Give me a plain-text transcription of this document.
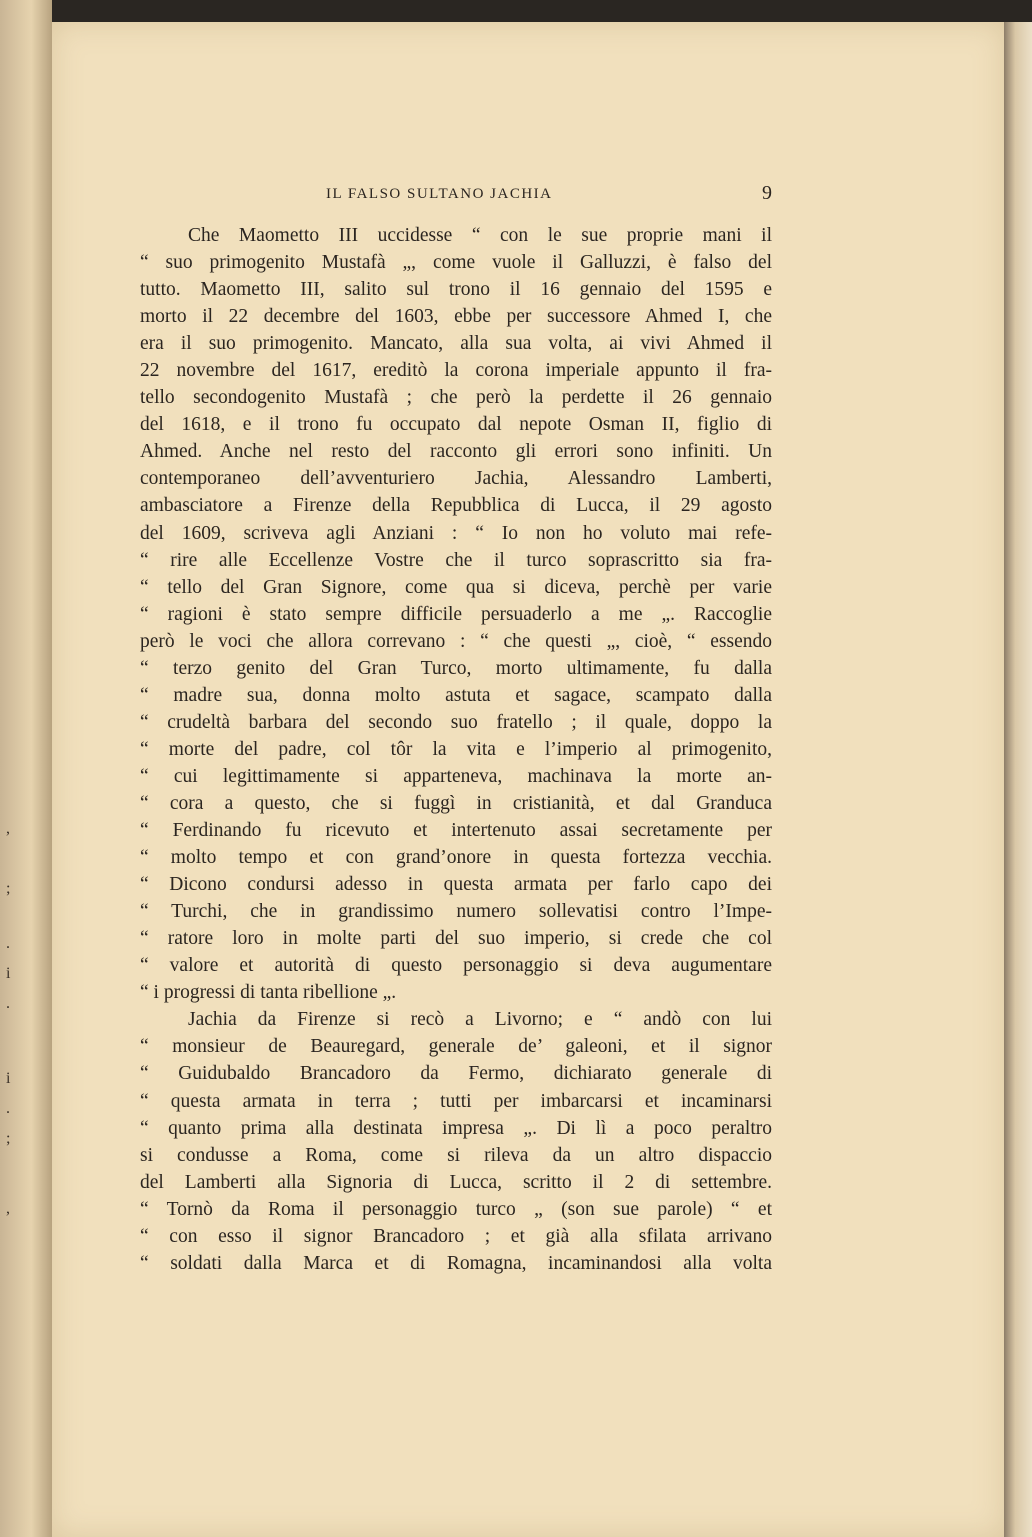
,
;
.
i
.
i
.
;
,
IL FALSO SULTANO JACHIA	9
Che Maometto III uccidesse “ con le sue proprie mani il
“ suo primogenito Mustafà „, come vuole il Galluzzi, è falso del
tutto. Maometto III, salito sul trono il 16 gennaio del 1595 e
morto il 22 decembre del 1603, ebbe per successore Ahmed I, che
era il suo primogenito. Mancato, alla sua volta, ai vivi Ahmed il
22 novembre del 1617, ereditò la corona imperiale appunto il fra-
tello secondogenito Mustafà ; che però la perdette il 26 gennaio
del 1618, e il trono fu occupato dal nepote Osman II, figlio di
Ahmed. Anche nel resto del racconto gli errori sono infiniti. Un
contemporaneo dell’avventuriero Jachia, Alessandro Lamberti,
ambasciatore a Firenze della Repubblica di Lucca, il 29 agosto
del 1609, scriveva agli Anziani : “ Io non ho voluto mai refe-
“ rire alle Eccellenze Vostre che il turco soprascritto sia fra-
“ tello del Gran Signore, come qua si diceva, perchè per varie
“ ragioni è stato sempre difficile persuaderlo a me „. Raccoglie
però le voci che allora correvano : “ che questi „, cioè, “ essendo
“ terzo genito del Gran Turco, morto ultimamente, fu dalla
“ madre sua, donna molto astuta et sagace, scampato dalla
“ crudeltà barbara del secondo suo fratello ; il quale, doppo la
“ morte del padre, col tôr la vita e l’imperio al primogenito,
“ cui legittimamente si apparteneva, machinava la morte an-
“ cora a questo, che si fuggì in cristianità, et dal Granduca
“ Ferdinando fu ricevuto et intertenuto assai secretamente per
“ molto tempo et con grand’onore in questa fortezza vecchia.
“ Dicono condursi adesso in questa armata per farlo capo dei
“ Turchi, che in grandissimo numero sollevatisi contro l’Impe-
“ ratore loro in molte parti del suo imperio, si crede che col
“ valore et autorità di questo personaggio si deva augumentare
“ i progressi di tanta ribellione „.
Jachia da Firenze si recò a Livorno; e “ andò con lui
“ monsieur de Beauregard, generale de’ galeoni, et il signor
“ Guidubaldo Brancadoro da Fermo, dichiarato generale di
“ questa armata in terra ; tutti per imbarcarsi et incaminarsi
“ quanto prima alla destinata impresa „. Di lì a poco peraltro
si condusse a Roma, come si rileva da un altro dispaccio
del Lamberti alla Signoria di Lucca, scritto il 2 di settembre.
“ Tornò da Roma il personaggio turco „ (son sue parole) “ et
“ con esso il signor Brancadoro ; et già alla sfilata arrivano
“ soldati dalla Marca et di Romagna, incaminandosi alla volta
